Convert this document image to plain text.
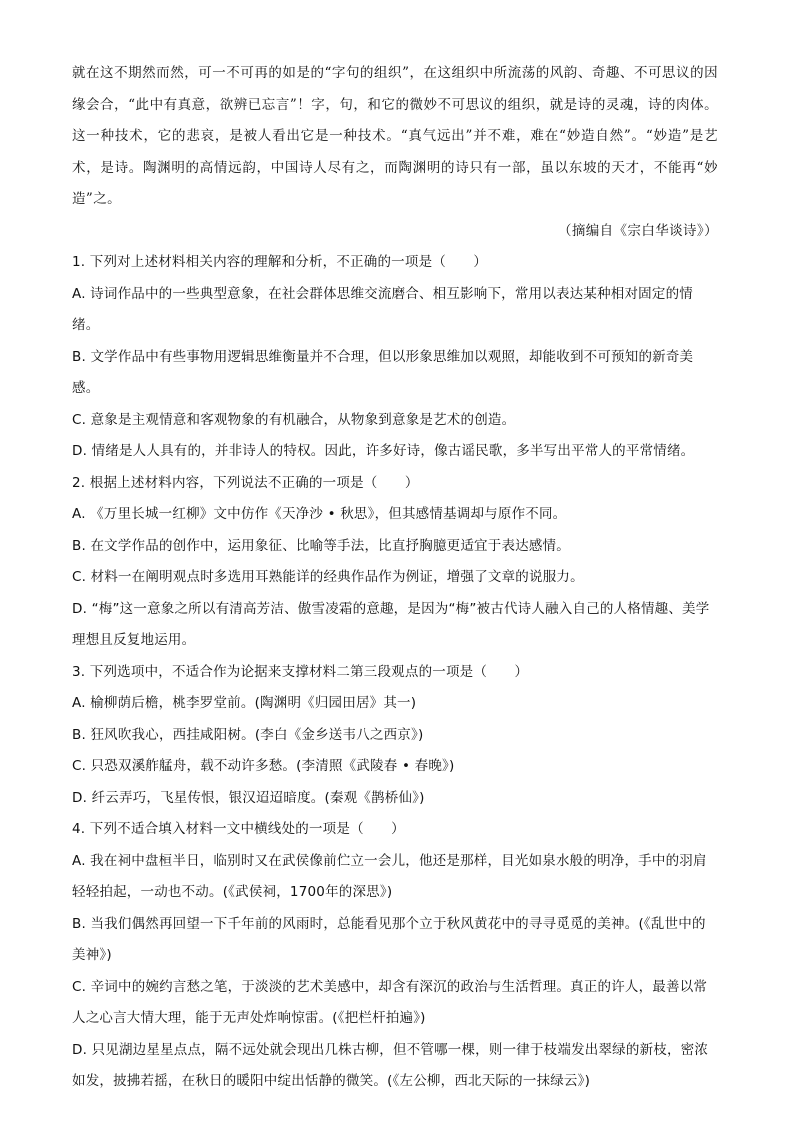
就在这不期然而然，可一不可再的如是的“字句的组织”，在这组织中所流荡的风韵、奇趣、不可思议的因缘会合，“此中有真意，欲辨已忘言”！字，句，和它的微妙不可思议的组织，就是诗的灵魂，诗的肉体。这一种技术，它的悲哀，是被人看出它是一种技术。“真气远出”并不难，难在“妙造自然”。“妙造”是艺术，是诗。陶渊明的高情远韵，中国诗人尽有之，而陶渊明的诗只有一部，虽以东坡的天才，不能再“妙造”之。

（摘编自《宗白华谈诗》）

1. 下列对上述材料相关内容的理解和分析，不正确的一项是（　　）

A. 诗词作品中的一些典型意象，在社会群体思维交流磨合、相互影响下，常用以表达某种相对固定的情绪。

B. 文学作品中有些事物用逻辑思维衡量并不合理，但以形象思维加以观照，却能收到不可预知的新奇美感。

C. 意象是主观情意和客观物象的有机融合，从物象到意象是艺术的创造。

D. 情绪是人人具有的，并非诗人的特权。因此，许多好诗，像古谣民歌，多半写出平常人的平常情绪。

2. 根据上述材料内容，下列说法不正确的一项是（　　）

A. 《万里长城一红柳》文中仿作《天净沙 • 秋思》，但其感情基调却与原作不同。

B. 在文学作品的创作中，运用象征、比喻等手法，比直抒胸臆更适宜于表达感情。

C. 材料一在阐明观点时多选用耳熟能详的经典作品作为例证，增强了文章的说服力。

D. “梅”这一意象之所以有清高芳洁、傲雪凌霜的意趣，是因为“梅”被古代诗人融入自己的人格情趣、美学理想且反复地运用。

3. 下列选项中，不适合作为论据来支撑材料二第三段观点的一项是（　　）

A. 榆柳荫后檐，桃李罗堂前。(陶渊明《归园田居》其一)

B. 狂风吹我心，西挂咸阳树。(李白《金乡送韦八之西京》)

C. 只恐双溪舴艋舟，载不动许多愁。(李清照《武陵春 • 春晚》)

D. 纤云弄巧，飞星传恨，银汉迢迢暗度。(秦观《鹊桥仙》)

4. 下列不适合填入材料一文中横线处的一项是（　　）

A. 我在祠中盘桓半日，临别时又在武侯像前伫立一会儿，他还是那样，目光如泉水般的明净，手中的羽肩轻轻拍起，一动也不动。(《武侯祠，1700年的深思》)

B. 当我们偶然再回望一下千年前的风雨时，总能看见那个立于秋风黄花中的寻寻觅觅的美神。(《乱世中的美神》)

C. 辛词中的婉约言愁之笔，于淡淡的艺术美感中，却含有深沉的政治与生活哲理。真正的许人，最善以常人之心言大情大理，能于无声处炸响惊雷。(《把栏杆拍遍》)

D. 只见湖边星星点点，隔不远处就会现出几株古柳，但不管哪一棵，则一律于枝端发出翠绿的新枝，密浓如发，披拂若摇，在秋日的暖阳中绽出恬静的微笑。(《左公柳，西北天际的一抹绿云》)
